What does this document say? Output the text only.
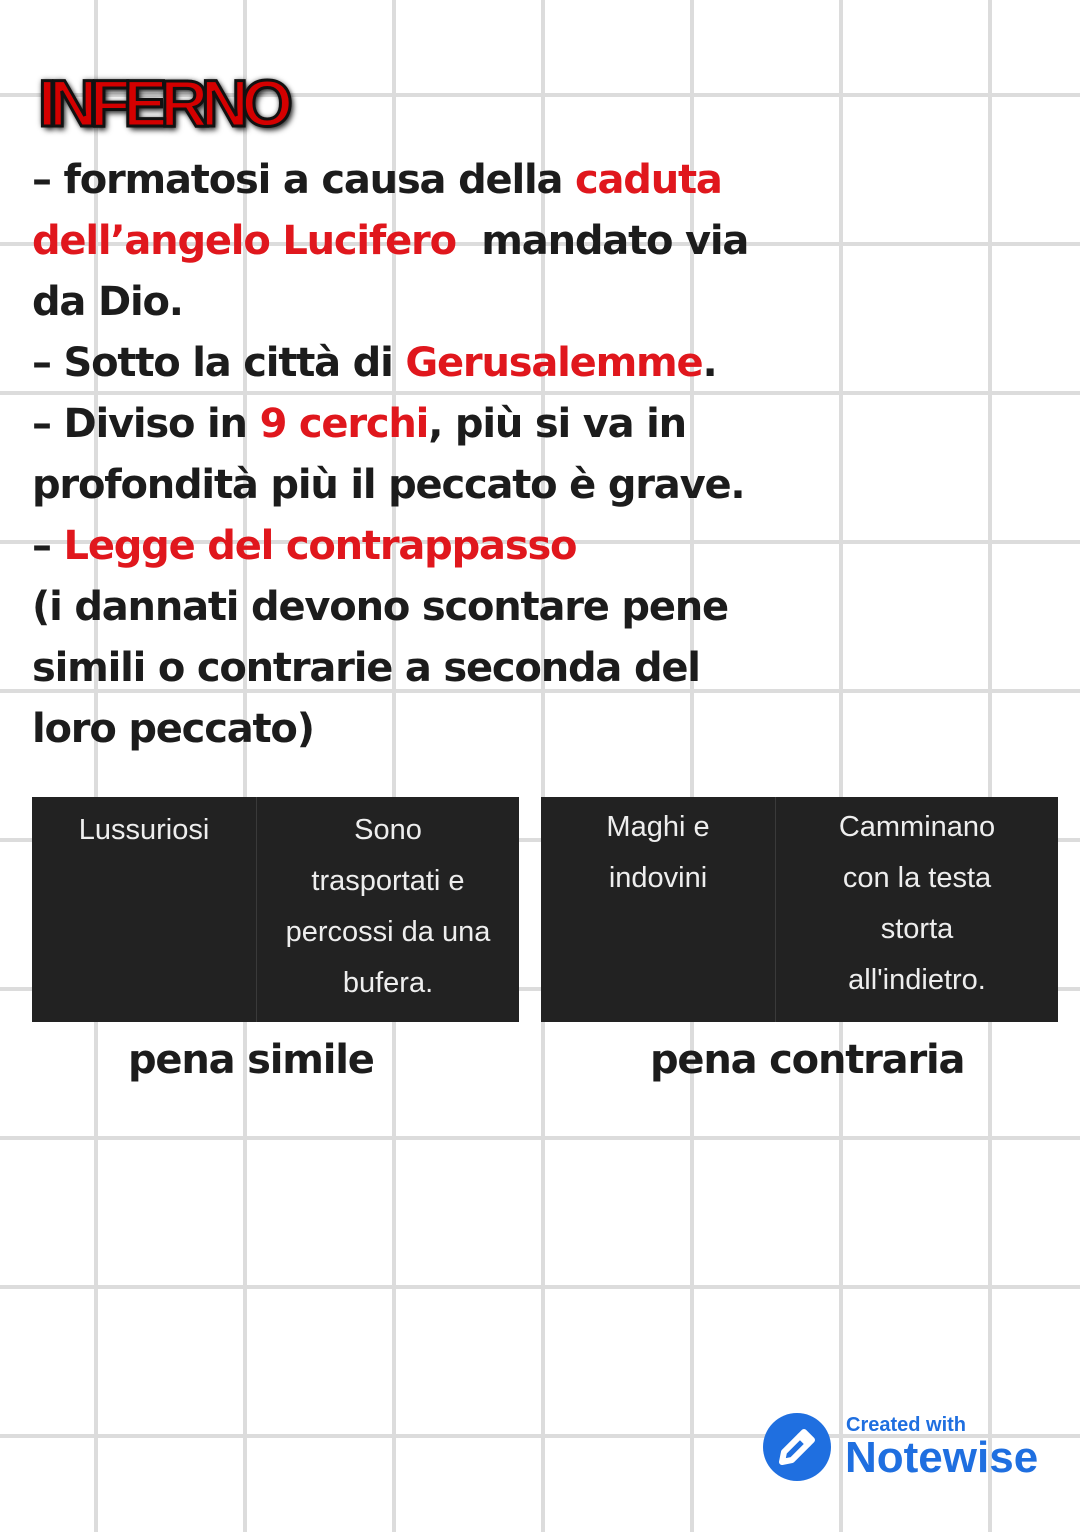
INFERNO
– formatosi a causa della caduta
dell’angelo Lucifero  mandato via
da Dio.
– Sotto la città di Gerusalemme.
– Diviso in 9 cerchi, più si va in
profondità più il peccato è grave.
– Legge del contrappasso
(i dannati devono scontare pene
simili o contrarie a seconda del
loro peccato)
Lussuriosi	Sono
trasportati e
percossi da una
bufera.
Maghi e
indovini
Camminano
con la testa
storta
all'indietro.

pena simile	pena contraria

Created with
Notewise
